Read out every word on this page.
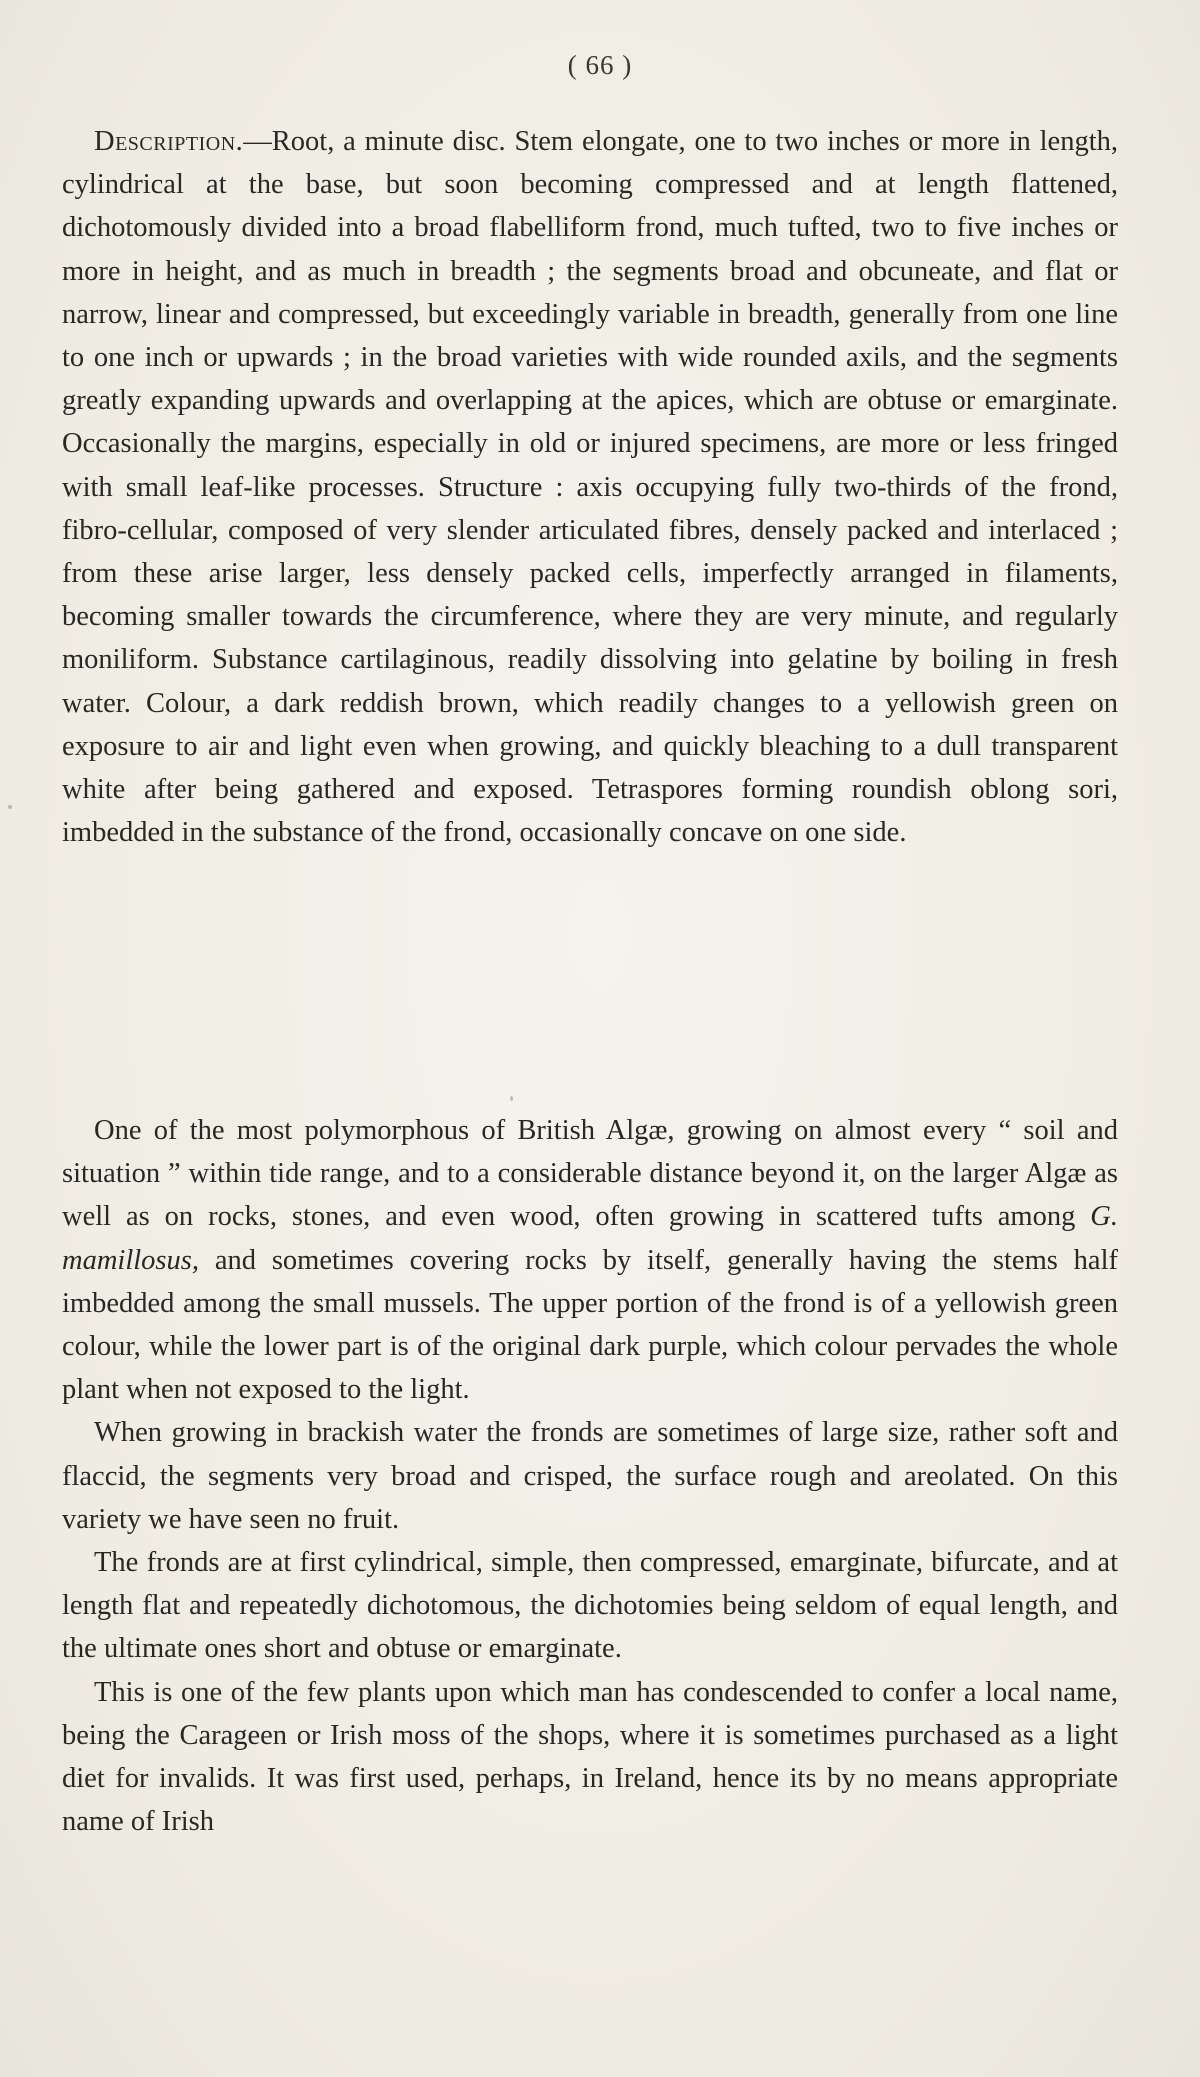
( 66 )

Description.—Root, a minute disc. Stem elongate, one to two inches or more in length, cylindrical at the base, but soon becoming compressed and at length flattened, dichotomously divided into a broad flabelliform frond, much tufted, two to five inches or more in height, and as much in breadth ; the segments broad and obcuneate, and flat or narrow, linear and compressed, but exceedingly variable in breadth, generally from one line to one inch or upwards ; in the broad varieties with wide rounded axils, and the segments greatly expanding upwards and overlapping at the apices, which are obtuse or emarginate. Occasionally the margins, especially in old or injured specimens, are more or less fringed with small leaf-like processes. Structure : axis occupying fully two-thirds of the frond, fibro-cellular, composed of very slender articulated fibres, densely packed and interlaced ; from these arise larger, less densely packed cells, imperfectly arranged in filaments, becoming smaller towards the circumference, where they are very minute, and regularly moniliform. Substance cartilaginous, readily dissolving into gelatine by boiling in fresh water. Colour, a dark reddish brown, which readily changes to a yellowish green on exposure to air and light even when growing, and quickly bleaching to a dull transparent white after being gathered and exposed. Tetraspores forming roundish oblong sori, imbedded in the substance of the frond, occasionally concave on one side.

One of the most polymorphous of British Algæ, growing on almost every “ soil and situation ” within tide range, and to a considerable distance beyond it, on the larger Algæ as well as on rocks, stones, and even wood, often growing in scattered tufts among G. mamillosus, and sometimes covering rocks by itself, generally having the stems half imbedded among the small mussels. The upper portion of the frond is of a yellowish green colour, while the lower part is of the original dark purple, which colour pervades the whole plant when not exposed to the light.

When growing in brackish water the fronds are sometimes of large size, rather soft and flaccid, the segments very broad and crisped, the surface rough and areolated. On this variety we have seen no fruit.

The fronds are at first cylindrical, simple, then compressed, emarginate, bifurcate, and at length flat and repeatedly dichotomous, the dichotomies being seldom of equal length, and the ultimate ones short and obtuse or emarginate.

This is one of the few plants upon which man has condescended to confer a local name, being the Carageen or Irish moss of the shops, where it is sometimes purchased as a light diet for invalids. It was first used, perhaps, in Ireland, hence its by no means appropriate name of Irish
